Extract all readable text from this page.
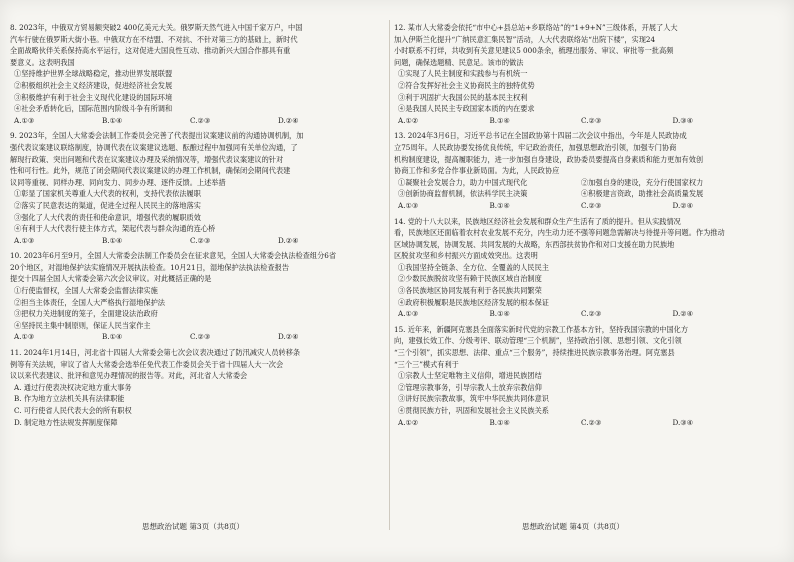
8. 2023年，中俄双方贸易额突破2 400亿美元大关。俄罗斯天然气进入中国千家万户，中国

汽车行驶在俄罗斯大街小巷。中俄双方在不结盟、不对抗、不针对第三方的基础上，新时代

全面战略伙伴关系保持高水平运行，这对促进大国良性互动、推动新兴大国合作都具有重

要意义。这表明我国

①坚持维护世界全球战略稳定，推动世界发展联盟

②积极组织社会主义经济建设，促进经济社会发展

③积极维护有利于社会主义现代化建设的国际环境

④社会矛盾转化后，国际范围内阶级斗争有所调和

A.①③	B.①④	C.②③	D.②④

9. 2023年，全国人大常委会法制工作委员会完善了代表提出议案建议前的沟通协调机制，加

强代表议案建议联络制度，协调代表在议案建议选题、酝酿过程中加强同有关单位沟通，了

解现行政策、突出问题和代表在议案建议办理及采纳情况等，增强代表议案建议的针对

性和可行性。此外，规范了闭会期间代表议案建议的办理工作机制，确保闭会期间代表建

议同等重视、同样办理、同向发力、同步办理、逐件反馈。上述举措

①彰显了国家机关尊重人大代表的权利，支持代表依法履职

②落实了民意表达的渠道，促进全过程人民民主的落地落实

③强化了人大代表的责任和使命意识，增强代表的履职质效

④有利于人大代表行使主体方式，架起代表与群众沟通的连心桥

A.①③	B.①④	C.②③	D.②④

10. 2023年6月至9月，全国人大常委会法制工作委员会在征求意见，全国人大常委会执法检查组分6省

20个地区，对湿地保护法实施情况开展执法检查。10月21日，湿地保护法执法检查报告

提交十四届全国人大常委会第六次会议审议。对此概括正确的是

①行使监督权，全国人大常委会监督法律实施

②担当主体责任，全国人大严格执行湿地保护法

③把权力关进制度的笼子，全面建设法治政府

④坚持民主集中制原则，保证人民当家作主

A.①③	B.①④	C.②③	D.②④

11. 2024年1月14日，河北省十四届人大常委会第七次会议表决通过了防汛减灾人员转移条

例等有关法规，审议了省人大常委会选举任免代表工作委员会关于省十四届人大一次会

议以来代表建议、批评和意见办理情况的报告等。对此，河北省人大常委会

A. 通过行使表决权决定地方重大事务

B. 作为地方立法机关具有法律职能

C. 可行使省人民代表大会的所有职权

D. 制定地方性法规发挥制度保障

12. 某市人大常委会依托“市中心+县总站+乡联络站”的“1+9+N”三级体系，开展了人大

加入伊斯兰化提升“广纳民意汇集民智”活动，人大代表联络站“出院下楼”，实现24

小时联系不打烊，共收到有关意见建议5 000条余，梳理出服务、审议、审批等一批高频

问题，确保选题精、民意足。该市的做法

①实现了人民主制度和实践参与有机统一

②符合发挥好社会主义协商民主的独特优势

③利于巩固扩大我国公民的基本民主权利

④是我国人民民主专政国家本质的内在要求

A.①②	B.①④	C.②③	D.③④

13. 2024年3月6日，习近平总书记在全国政协第十四届二次会议中指出，今年是人民政协成

立75周年。人民政协要发扬优良传统，牢记政治责任，加强思想政治引领，加强专门协商

机构制度建设，提高履职能力，进一步加强自身建设，政协委员要提高自身素质和能力更加有效创

协商工作和多党合作事业新局面。为此，人民政协应

①凝聚社会发展合力，助力中国式现代化	②加强自身的建设，充分行使国家权力
③创新协商监督机制，依法科学民主决策	④积极建言资政，助推社会高质量发展
A.①③	B.①④	C.②③	D.②④

14. 党的十八大以来，民族地区经济社会发展和群众生产生活有了质的提升。但从实践情况

看，民族地区还面临着农村农业发展不充分，内生动力还不强等问题急需解决与待提升等问题。作为推动

区域协调发展，协调发展、共同发展的大战略，东西部扶贫协作和对口支援在助力民族地

区脱贫攻坚和乡村振兴方面成效突出。这表明

①我国坚持全链条、全方位、全覆盖的人民民主

②少数民族脱贫攻坚有赖于民族区域自治制度

③各民族地区协同发展有利于各民族共同繁荣

④政府积极履职是民族地区经济发展的根本保证

A.①③	B.①④	C.②③	D.②④

15. 近年来，新疆阿克塞县全面落实新时代党的宗教工作基本方针，坚持我国宗教的中国化方

向，建强长效工作、分级考评、联动管理“三个机制”，坚持政治引领、思想引领、文化引领

“三个引领”，抓实思想、法律、重点“三个服务”，持续推进民族宗教事务治理。阿克塞县

“三个三”模式有利于

①宗教人士坚定唯物主义信仰，增进民族团结

②管理宗教事务，引导宗教人士放弃宗教信仰

③讲好民族宗教故事，筑牢中华民族共同体意识

④贯彻民族方针，巩固和发展社会主义民族关系

A.①②	B.①④	C.②③	D.③④
思想政治试题 第3页（共8页）	思想政治试题 第4页（共8页）
